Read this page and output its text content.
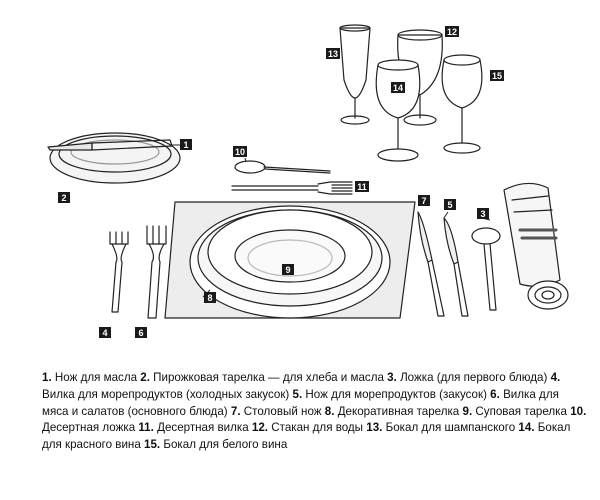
1
2
3
4
5
6
7
8
9
10
11
12
13
14
15
1. Нож для масла 2. Пирожковая тарелка — для хлеба и масла 3. Ложка (для первого блюда) 4. Вилка для морепродуктов (холодных закусок) 5. Нож для морепродуктов (закусок) 6. Вилка для мяса и салатов (основного блюда) 7. Столовый нож 8. Декоративная тарелка 9. Суповая тарелка 10. Десертная ложка 11. Десертная вилка 12. Стакан для воды 13. Бокал для шампанского 14. Бокал для красного вина 15. Бокал для белого вина
